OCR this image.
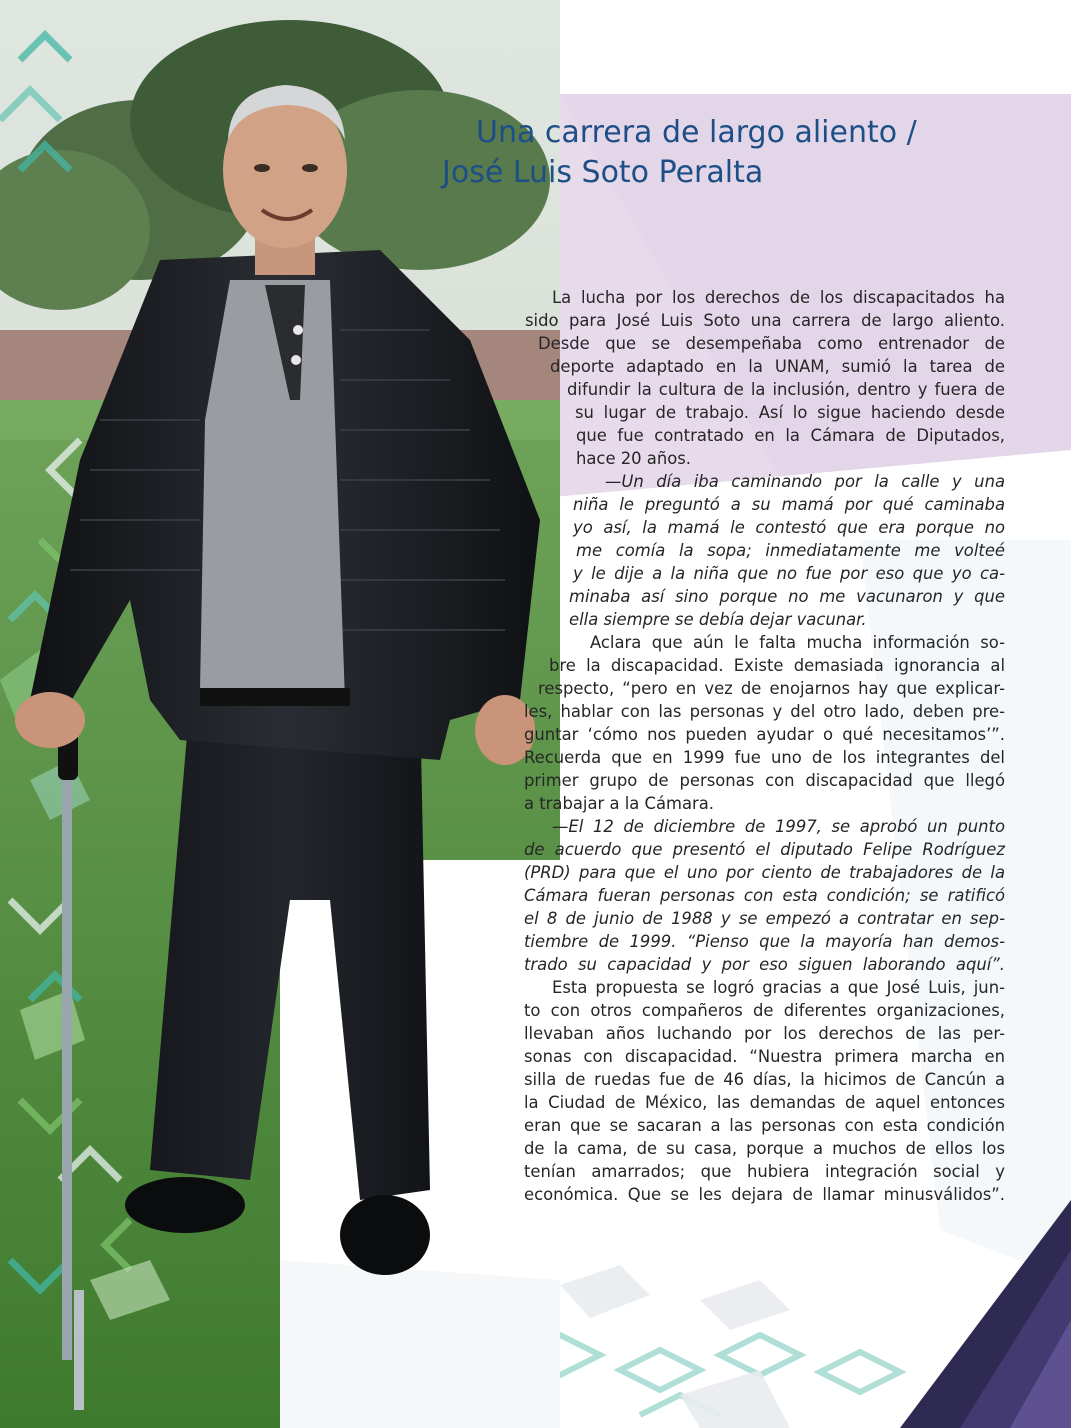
Una carrera de largo aliento /
José Luis Soto Peralta
La lucha por los derechos de los discapacitados ha
sido para José Luis Soto una carrera de largo aliento.
Desde que se desempeñaba como entrenador de
deporte adaptado en la UNAM, sumió la tarea de
difundir la cultura de la inclusión, dentro y fuera de
su lugar de trabajo. Así lo sigue haciendo desde
que fue contratado en la Cámara de Diputados,
hace 20 años.
—Un día iba caminando por la calle y una
niña le preguntó a su mamá por qué caminaba
yo así, la mamá le contestó que era porque no
me comía la sopa; inmediatamente me volteé
y le dije a la niña que no fue por eso que yo ca-
minaba así sino porque no me vacunaron y que
ella siempre se debía dejar vacunar.
Aclara que aún le falta mucha información so-
bre la discapacidad. Existe demasiada ignorancia al
respecto, “pero en vez de enojarnos hay que explicar-
les, hablar con las personas y del otro lado, deben pre-
guntar ‘cómo nos pueden ayudar o qué necesitamos’”.
Recuerda que en 1999 fue uno de los integrantes del
primer grupo de personas con discapacidad que llegó
a trabajar a la Cámara.
—El 12 de diciembre de 1997, se aprobó un punto
de acuerdo que presentó el diputado Felipe Rodríguez
(PRD) para que el uno por ciento de trabajadores de la
Cámara fueran personas con esta condición; se ratificó
el 8 de junio de 1988 y se empezó a contratar en sep-
tiembre de 1999. “Pienso que la mayoría han demos-
trado su capacidad y por eso siguen laborando aquí”.
Esta propuesta se logró gracias a que José Luis, jun-
to con otros compañeros de diferentes organizaciones,
llevaban años luchando por los derechos de las per-
sonas con discapacidad. “Nuestra primera marcha en
silla de ruedas fue de 46 días, la hicimos de Cancún a
la Ciudad de México, las demandas de aquel entonces
eran que se sacaran a las personas con esta condición
de la cama, de su casa, porque a muchos de ellos los
tenían amarrados; que hubiera integración social y
económica. Que se les dejara de llamar minusválidos”.
